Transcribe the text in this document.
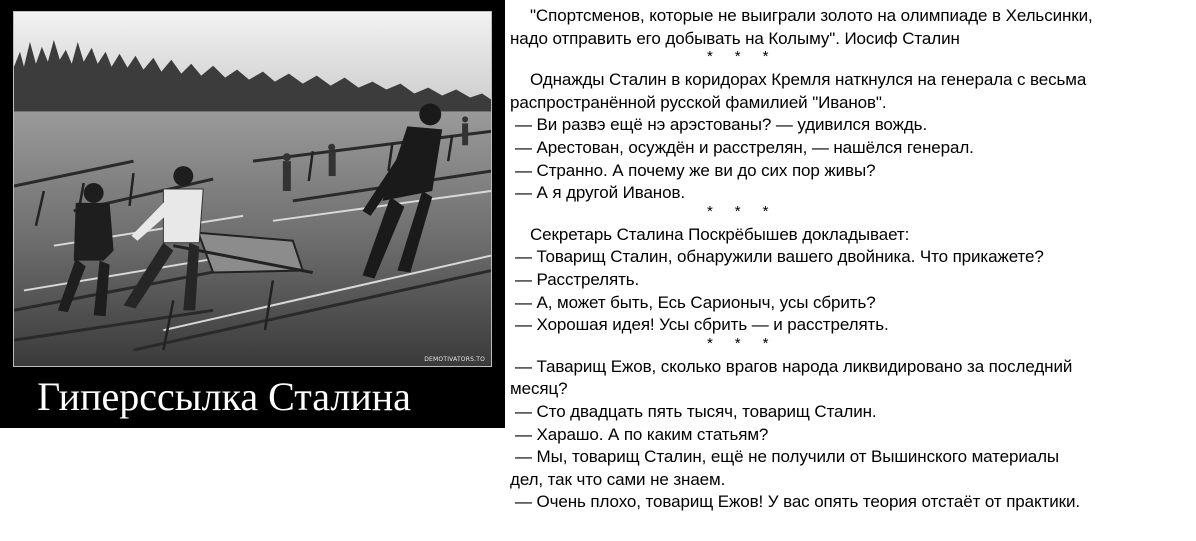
DEMOTIVATORS.TO
Гиперссылка Сталина
"Спортсменов, которые не выиграли золото на олимпиаде в Хельсинки,
надо отправить его добывать на Колыму". Иосиф Сталин
* * *
Однажды Сталин в коридорах Кремля наткнулся на генерала с весьма
распространённой русской фамилией "Иванов".
— Ви развэ ещё нэ арэстованы? — удивился вождь.
— Арестован, осуждён и расстрелян, — нашёлся генерал.
— Странно. А почему же ви до сих пор живы?
— А я другой Иванов.
* * *
Секретарь Сталина Поскрёбышев докладывает:
— Товарищ Сталин, обнаружили вашего двойника. Что прикажете?
— Расстрелять.
— А, может быть, Есь Сарионыч, усы сбрить?
— Хорошая идея! Усы сбрить — и расстрелять.
* * *
— Таварищ Ежов, сколько врагов народа ликвидировано за последний
месяц?
— Сто двадцать пять тысяч, товарищ Сталин.
— Харашо. А по каким статьям?
— Мы, товарищ Сталин, ещё не получили от Вышинского материалы
дел, так что сами не знаем.
— Очень плохо, товарищ Ежов! У вас опять теория отстаёт от практики.
